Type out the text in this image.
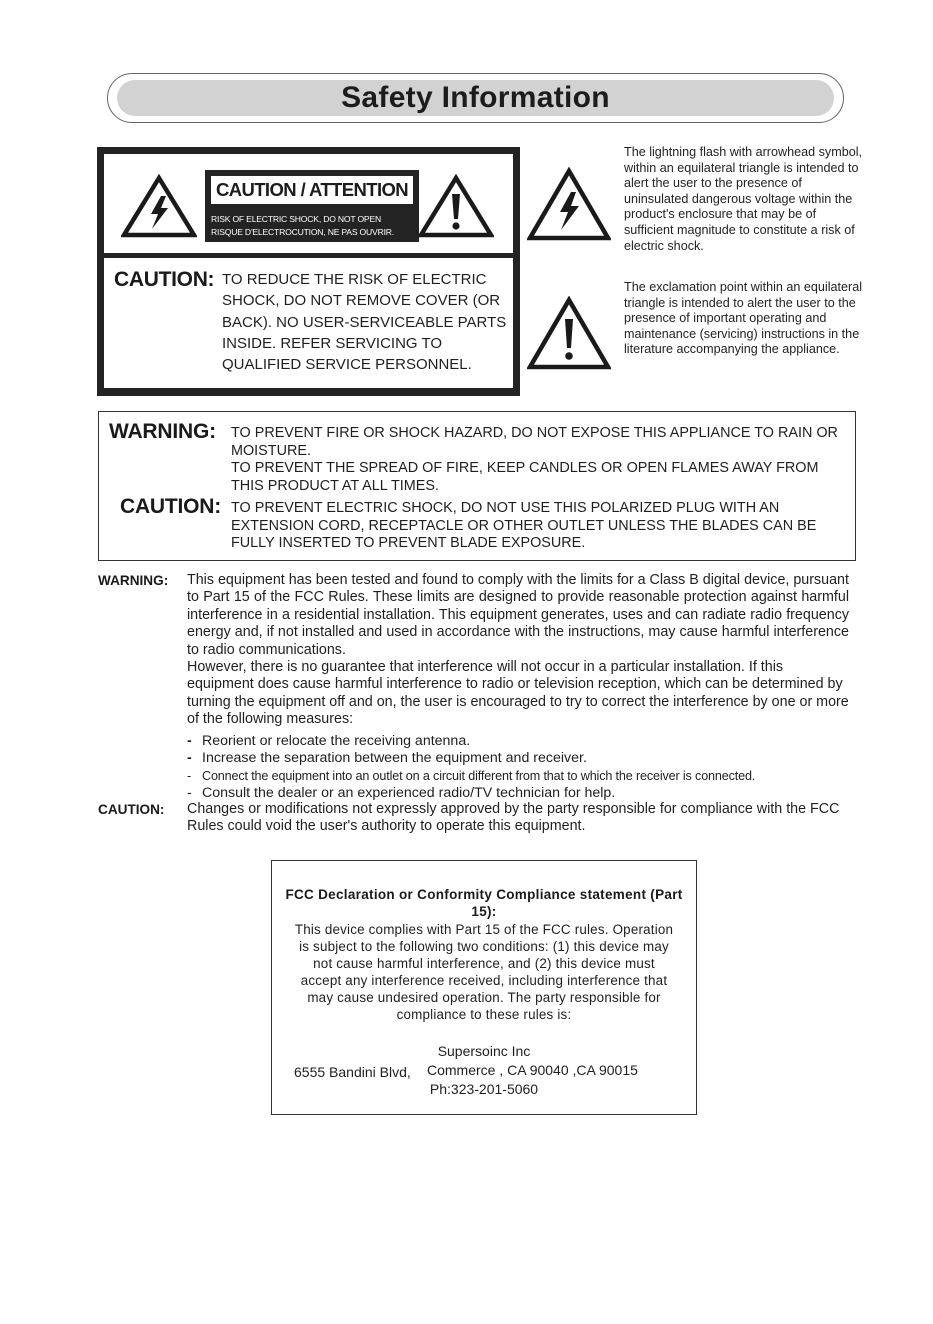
Safety Information
CAUTION / ATTENTION
RISK OF ELECTRIC SHOCK, DO NOT OPEN
RISQUE D'ELECTROCUTION, NE PAS OUVRIR.
CAUTION: TO REDUCE THE RISK OF ELECTRIC SHOCK, DO NOT REMOVE COVER (OR BACK). NO USER-SERVICEABLE PARTS INSIDE. REFER SERVICING TO QUALIFIED SERVICE PERSONNEL.
The lightning flash with arrowhead symbol, within an equilateral triangle is intended to alert the user to the presence of uninsulated dangerous voltage within the product's enclosure that may be of sufficient magnitude to constitute a risk of electric shock.
The exclamation point within an equilateral triangle is intended to alert the user to the presence of important operating and maintenance (servicing) instructions in the literature accompanying the appliance.
WARNING: TO PREVENT FIRE OR SHOCK HAZARD, DO NOT EXPOSE THIS APPLIANCE TO RAIN OR MOISTURE.
TO PREVENT THE SPREAD OF FIRE, KEEP CANDLES OR OPEN FLAMES AWAY FROM THIS PRODUCT AT ALL TIMES.
CAUTION: TO PREVENT ELECTRIC SHOCK, DO NOT USE THIS POLARIZED PLUG WITH AN EXTENSION CORD, RECEPTACLE OR OTHER OUTLET UNLESS THE BLADES CAN BE FULLY INSERTED TO PREVENT BLADE EXPOSURE.
WARNING: This equipment has been tested and found to comply with the limits for a Class B digital device, pursuant to Part 15 of the FCC Rules. These limits are designed to provide reasonable protection against harmful interference in a residential installation. This equipment generates, uses and can radiate radio frequency energy and, if not installed and used in accordance with the instructions, may cause harmful interference to radio communications.
However, there is no guarantee that interference will not occur in a particular installation. If this equipment does cause harmful interference to radio or television reception, which can be determined by turning the equipment off and on, the user is encouraged to try to correct the interference by one or more of the following measures:
- Reorient or relocate the receiving antenna.
- Increase the separation between the equipment and receiver.
- Connect the equipment into an outlet on a circuit different from that to which the receiver is connected.
- Consult the dealer or an experienced radio/TV technician for help.
CAUTION: Changes or modifications not expressly approved by the party responsible for compliance with the FCC Rules could void the user's authority to operate this equipment.
FCC Declaration or Conformity Compliance statement (Part 15):
This device complies with Part 15 of the FCC rules. Operation is subject to the following two conditions: (1) this device may not cause harmful interference, and (2) this device must accept any interference received, including interference that may cause undesired operation. The party responsible for compliance to these rules is:
Supersoinc Inc
6555 Bandini Blvd, Commerce , CA 90040 ,CA 90015
Ph:323-201-5060
